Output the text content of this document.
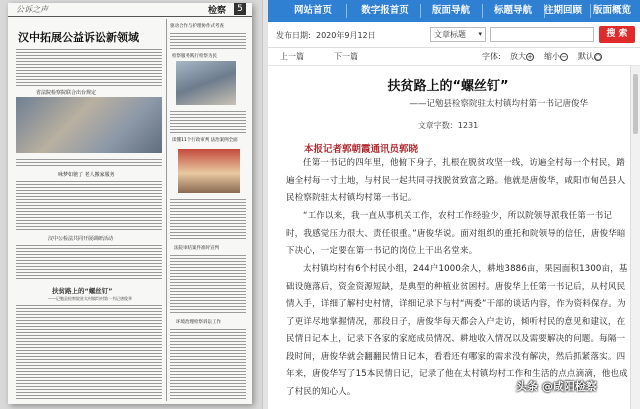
公诉之声	检察	5
汉中拓展公益诉讼新领域
省法院检察院联合出台规定
咏梦如驰了 老人搬家服务
汉中公检法共同开展调研活动
扶贫路上的“螺丝钉”
——记勉县检察院驻太村镇均村第一书记唐俊华
驱动合作与护理协作式考查
检察服务践行检察为民
读懂11个行政审判 法治案例全面
法院审结案件准时宣判
环境治理检察诉讼工作
网站首页	数字报首页	版面导航	标题导航	往期回顾	版面概览
发布日期: 2020年9月12日	文章标题 ▾	搜 索
上一篇	下一篇	字体: 放大+ 缩小− 默认○
扶贫路上的“螺丝钉”
——记勉县检察院驻太村镇均村第一书记唐俊华
文章字数：1231
本报记者郭朝霞通讯员郭晓
任第一书记的四年里，他俯下身子，扎根在脱贫攻坚一线，访遍全村每一个村民，踏遍全村每一寸土地，与村民一起共同寻找脱贫致富之路。他就是唐俊华，咸阳市甸邑县人民检察院驻太村镇均村第一书记。
“工作以来，我一直从事机关工作，农村工作经验少，所以院领导派我任第一书记时，我感觉压力很大、责任很重。”唐俊华说。面对组织的重托和院领导的信任，唐俊华暗下决心，一定要在第一书记的岗位上干出名堂来。
太村镇均村有6个村民小组，244户1000余人，耕地3886亩，果园面积1300亩，基础设施落后，资金资源短缺，是典型的种植业贫困村。唐俊华上任第一书记后，从村风民情入手，详细了解村史村情，详细记录下与村“两委”干部的谈话内容，作为资料保存。为了更详尽地掌握情况，那段日子，唐俊华每天都会入户走访，倾听村民的意见和建议，在民情日记本上，记录下各家的家庭成员情况、耕地收入情况以及需要解决的问题。每隔一段时间，唐俊华就会翻翻民情日记本，看看还有哪家的需求没有解决，然后抓紧落实。四年来，唐俊华写了15本民情日记，记录了他在太村镇均村工作和生活的点点滴滴，他也成了村民的知心人。	头条 @咸阳检察
